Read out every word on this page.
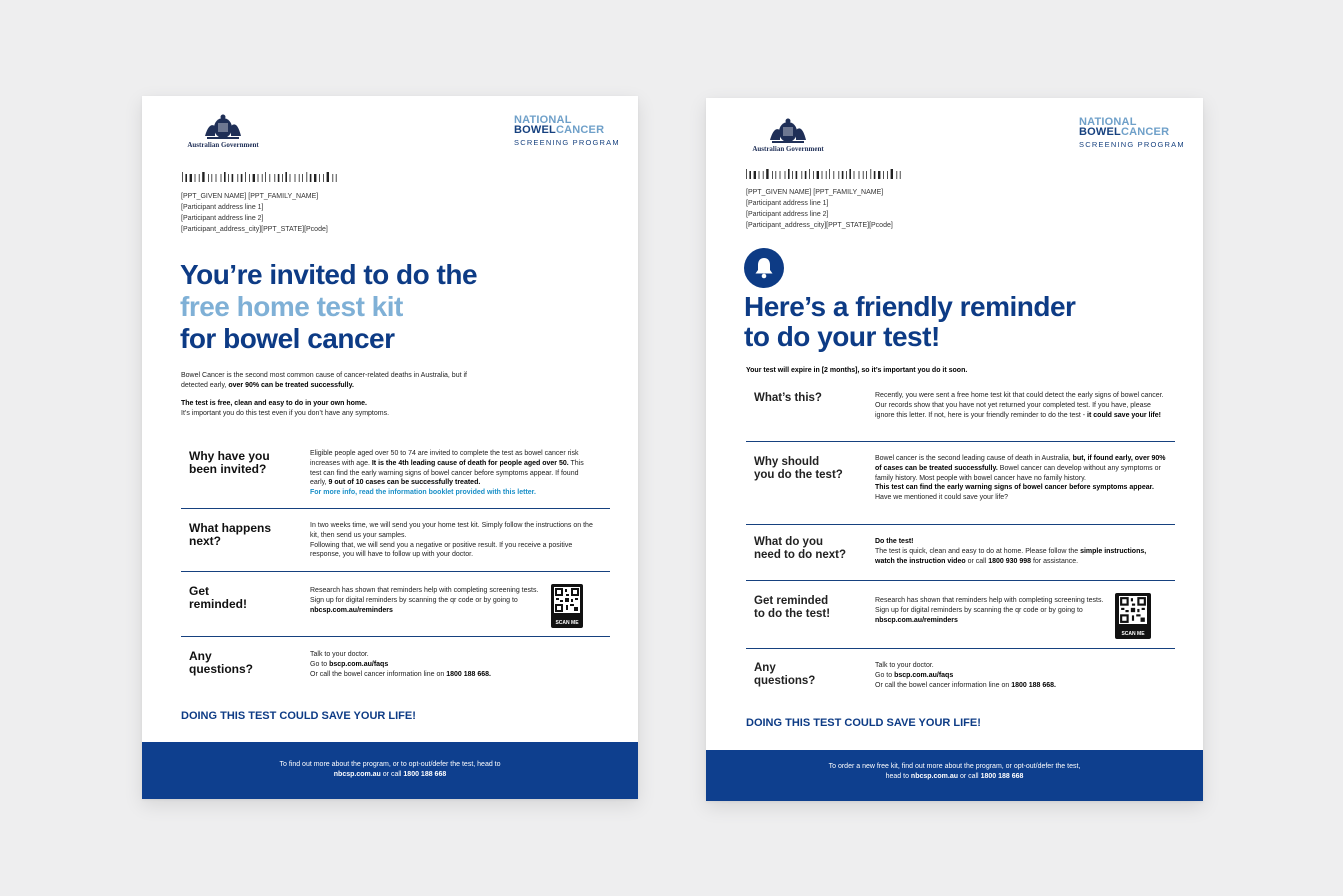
Australian Government
NATIONAL
BOWELCANCER
SCREENING PROGRAM
[PPT_GIVEN NAME] [PPT_FAMILY_NAME]
[Participant address line 1]
[Participant address line 2]
[Participant_address_city][PPT_STATE][Pcode]
You’re invited to do the
free home test kit
for bowel cancer
Bowel Cancer is the second most common cause of cancer-related deaths in Australia, but if detected early, over 90% can be treated successfully.
The test is free, clean and easy to do in your own home.
It’s important you do this test even if you don’t have any symptoms.
Why have you
been invited?
Eligible people aged over 50 to 74 are invited to complete the test as bowel cancer risk increases with age. It is the 4th leading cause of death for people aged over 50. This test can find the early warning signs of bowel cancer before symptoms appear. If found early, 9 out of 10 cases can be successfully treated.
For more info, read the information booklet provided with this letter.
What happens
next?
In two weeks time, we will send you your home test kit. Simply follow the instructions on the kit, then send us your samples.
Following that, we will send you a negative or positive result. If you receive a positive response, you will have to follow up with your doctor.
Get
reminded!
Research has shown that reminders help with completing screening tests.
Sign up for digital reminders by scanning the qr code or by going to nbcsp.com.au/reminders
SCAN ME
Any
questions?
Talk to your doctor.
Go to bscp.com.au/faqs
Or call the bowel cancer information line on 1800 188 668.
DOING THIS TEST COULD SAVE YOUR LIFE!
To find out more about the program, or to opt-out/defer the test, head to
nbcsp.com.au or call 1800 188 668
Australian Government
NATIONAL
BOWELCANCER
SCREENING PROGRAM
[PPT_GIVEN NAME] [PPT_FAMILY_NAME]
[Participant address line 1]
[Participant address line 2]
[Participant_address_city][PPT_STATE][Pcode]
Here’s a friendly reminder
to do your test!
Your test will expire in [2 months], so it’s important you do it soon.
What’s this?	Recently, you were sent a free home test kit that could detect the early signs of bowel cancer. Our records show that you have not yet returned your completed test. If you have, please ignore this letter. If not, here is your friendly reminder to do the test - it could save your life!
Why should
you do the test?
Bowel cancer is the second leading cause of death in Australia, but, if found early, over 90% of cases can be treated successfully. Bowel cancer can develop without any symptoms or family history. Most people with bowel cancer have no family history.
This test can find the early warning signs of bowel cancer before symptoms appear. Have we mentioned it could save your life?
What do you
need to do next?
Do the test!
The test is quick, clean and easy to do at home. Please follow the simple instructions, watch the instruction video or call 1800 930 998 for assistance.
Get reminded
to do the test!
Research has shown that reminders help with completing screening tests.
Sign up for digital reminders by scanning the qr code or by going to nbscp.com.au/reminders
SCAN ME
Any
questions?
Talk to your doctor.
Go to bscp.com.au/faqs
Or call the bowel cancer information line on 1800 188 668.
DOING THIS TEST COULD SAVE YOUR LIFE!
To order a new free kit, find out more about the program, or opt-out/defer the test,
head to nbcsp.com.au or call 1800 188 668
